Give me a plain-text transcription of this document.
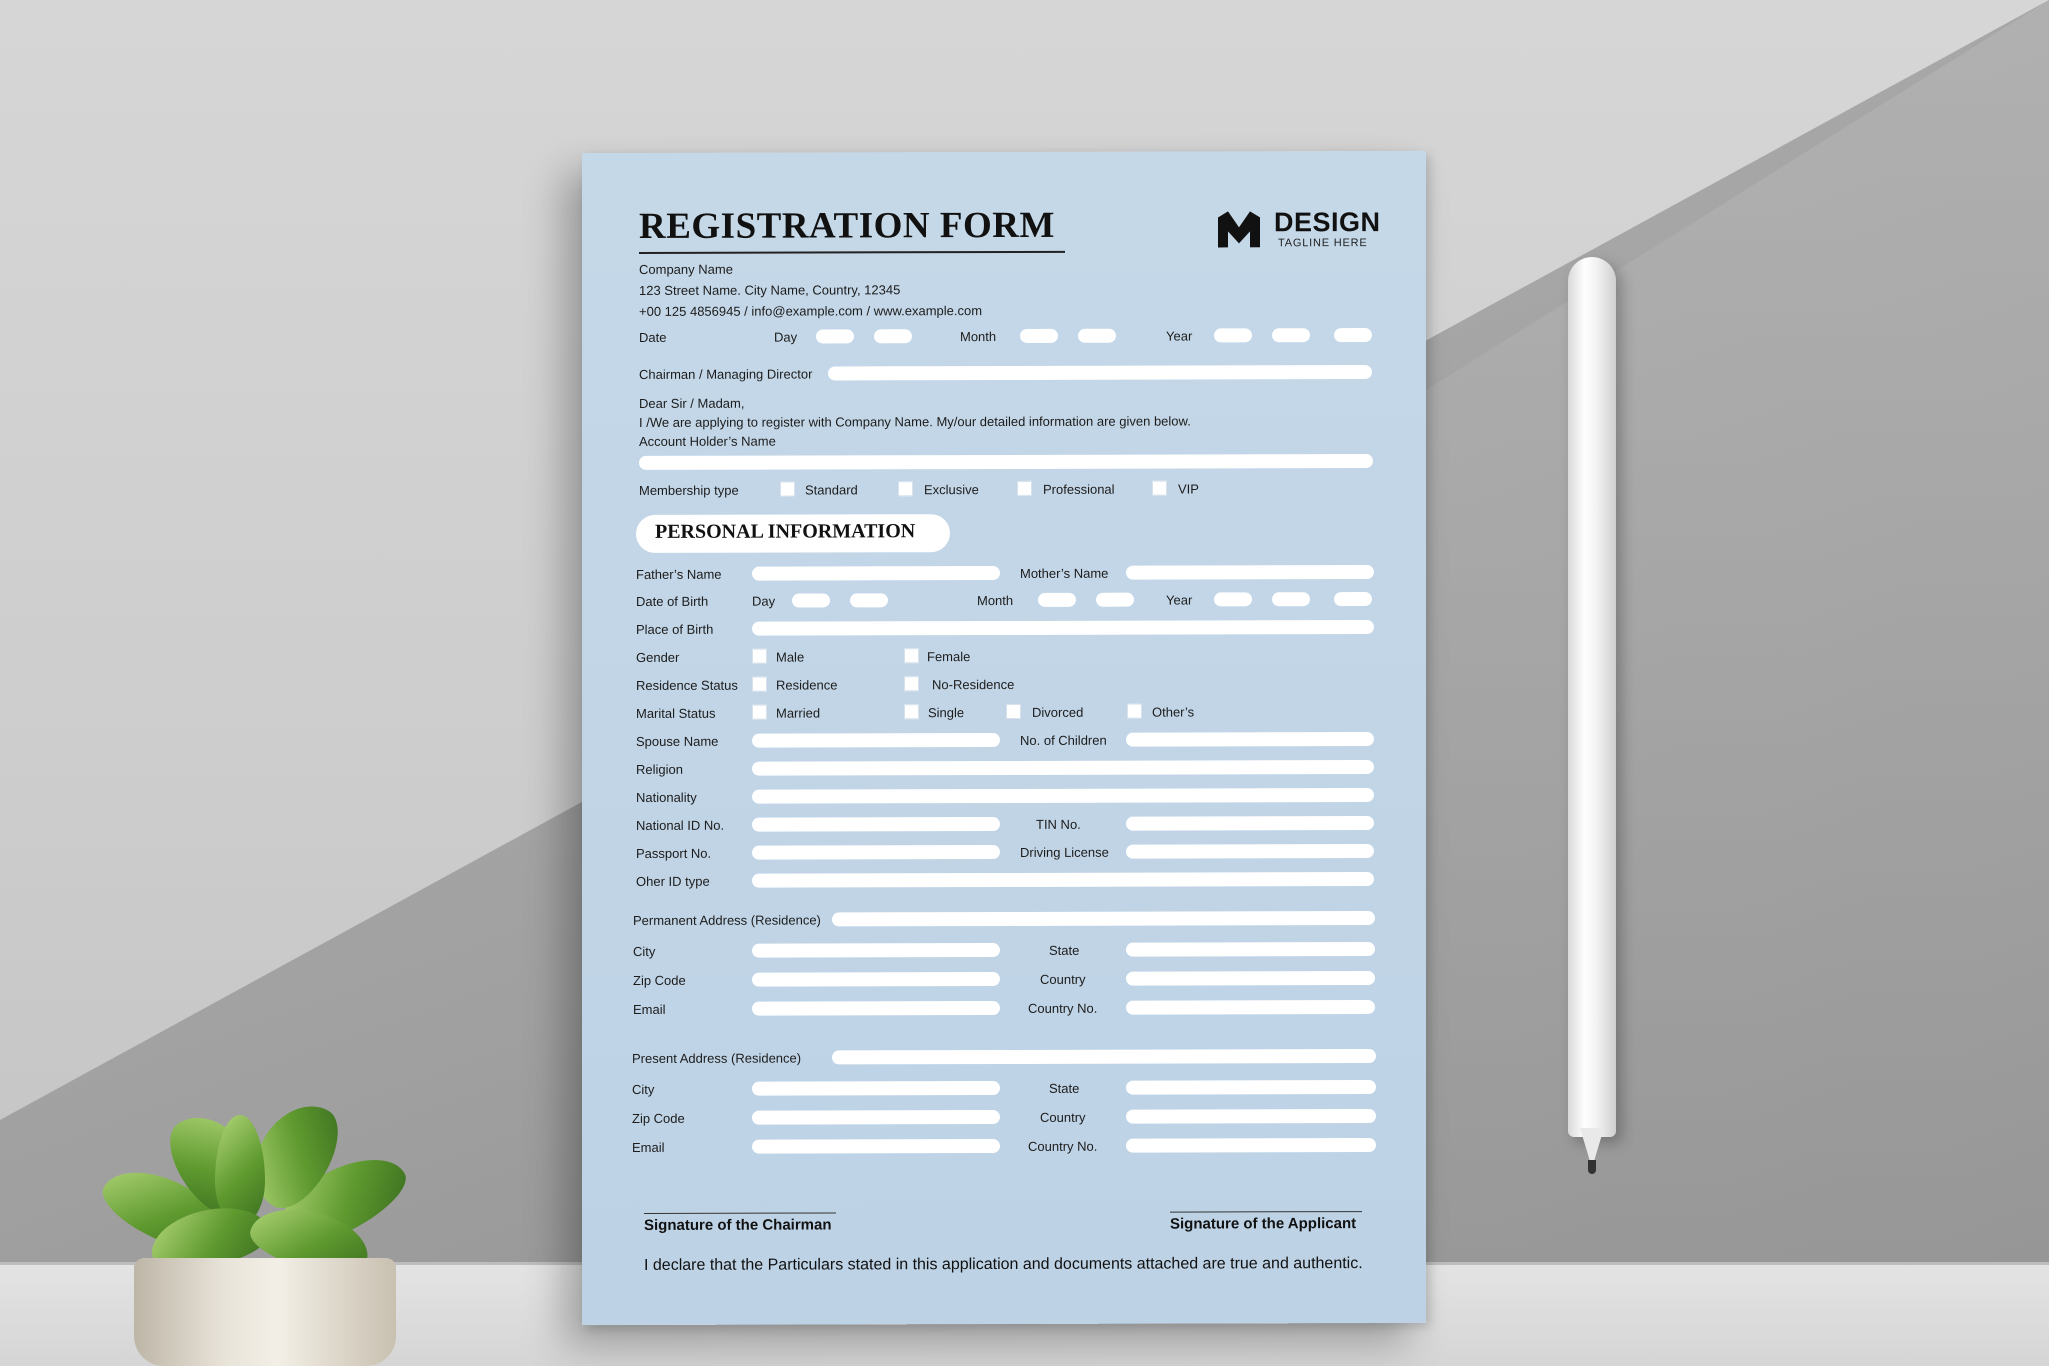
REGISTRATION FORM	DESIGN
TAGLINE HERE
Company Name
123 Street Name. City Name, Country, 12345
+00 125 4856945 / info@example.com / www.example.com
Date	Day	Month	Year
Chairman / Managing Director
Dear Sir / Madam,
I /We are applying to register with Company Name. My/our detailed information are given below.
Account Holder’s Name
Membership type	Standard	Exclusive	Professional	VIP
PERSONAL INFORMATION
Father’s Name	Mother’s Name
Date of Birth	Day	Month	Year
Place of Birth
Gender	Male	Female
Residence Status	Residence	No-Residence
Marital Status	Married	Single	Divorced	Other’s
Spouse Name	No. of Children
Religion
Nationality
National ID No.	TIN No.
Passport No.	Driving License
Oher ID type
Permanent Address (Residence)
City	State
Zip Code	Country
Email	Country No.
Present Address (Residence)
City	State
Zip Code	Country
Email	Country No.
Signature of the Chairman	Signature of the Applicant
I declare that the Particulars stated in this application and documents attached are true and authentic.
